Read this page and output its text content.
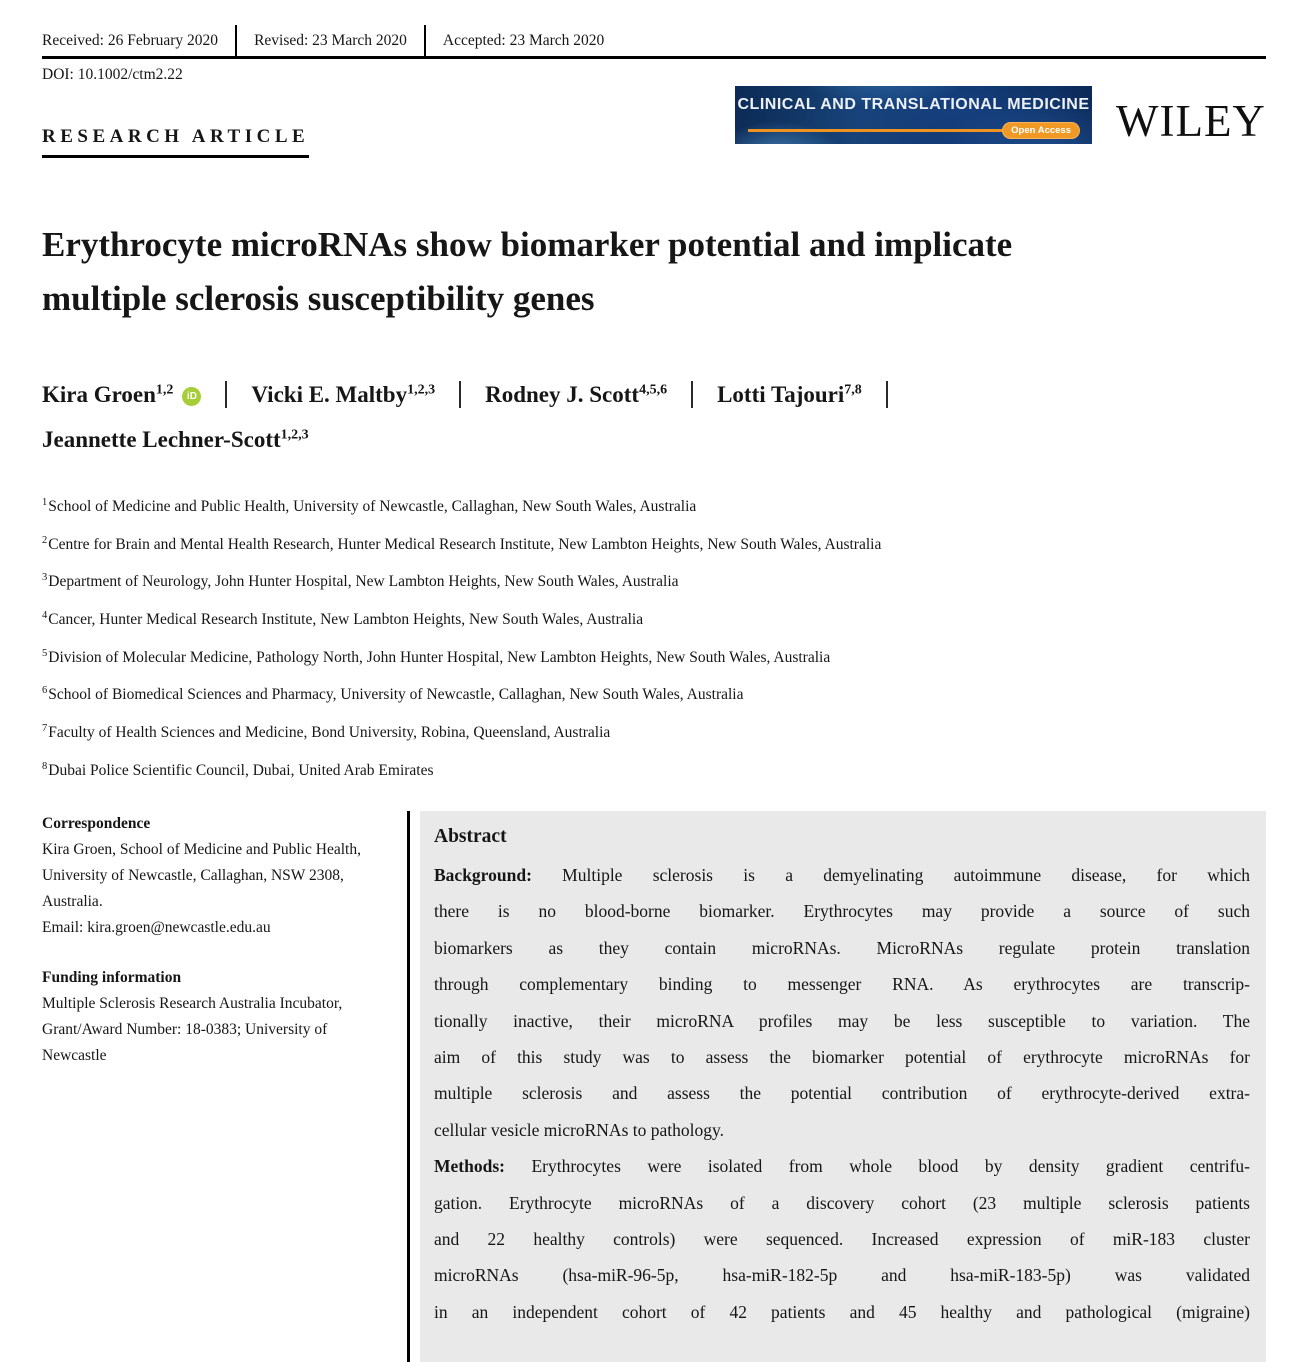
Received: 26 February 2020	Revised: 23 March 2020	Accepted: 23 March 2020
DOI: 10.1002/ctm2.22
CLINICAL AND TRANSLATIONAL MEDICINE
Open Access WILEY
RESEARCH ARTICLE
Erythrocyte microRNAs show biomarker potential and implicate
multiple sclerosis susceptibility genes
Kira Groen$^{1,2}$ iD Vicki E. Maltby$^{1,2,3}$ Rodney J. Scott$^{4,5,6}$ Lotti Tajouri$^{7,8}$
Jeannette Lechner-Scott$^{1,2,3}$
$^1$School of Medicine and Public Health, University of Newcastle, Callaghan, New South Wales, Australia
$^2$Centre for Brain and Mental Health Research, Hunter Medical Research Institute, New Lambton Heights, New South Wales, Australia
$^3$Department of Neurology, John Hunter Hospital, New Lambton Heights, New South Wales, Australia
$^4$Cancer, Hunter Medical Research Institute, New Lambton Heights, New South Wales, Australia
$^5$Division of Molecular Medicine, Pathology North, John Hunter Hospital, New Lambton Heights, New South Wales, Australia
$^6$School of Biomedical Sciences and Pharmacy, University of Newcastle, Callaghan, New South Wales, Australia
$^7$Faculty of Health Sciences and Medicine, Bond University, Robina, Queensland, Australia
$^8$Dubai Police Scientific Council, Dubai, United Arab Emirates
Correspondence
Kira Groen, School of Medicine and Public Health, University of Newcastle, Callaghan, NSW 2308, Australia.
Email: kira.groen@newcastle.edu.au
Funding information
Multiple Sclerosis Research Australia Incubator, Grant/Award Number: 18-0383; University of Newcastle
Abstract
Background: Multiple sclerosis is a demyelinating autoimmune disease, for which
there is no blood-borne biomarker. Erythrocytes may provide a source of such
biomarkers as they contain microRNAs. MicroRNAs regulate protein translation
through complementary binding to messenger RNA. As erythrocytes are transcrip-
tionally inactive, their microRNA profiles may be less susceptible to variation. The
aim of this study was to assess the biomarker potential of erythrocyte microRNAs for
multiple sclerosis and assess the potential contribution of erythrocyte-derived extra-
cellular vesicle microRNAs to pathology.
Methods: Erythrocytes were isolated from whole blood by density gradient centrifu-
gation. Erythrocyte microRNAs of a discovery cohort (23 multiple sclerosis patients
and 22 healthy controls) were sequenced. Increased expression of miR-183 cluster
microRNAs (hsa-miR-96-5p, hsa-miR-182-5p and hsa-miR-183-5p) was validated
in an independent cohort of 42 patients and 45 healthy and pathological (migraine)
